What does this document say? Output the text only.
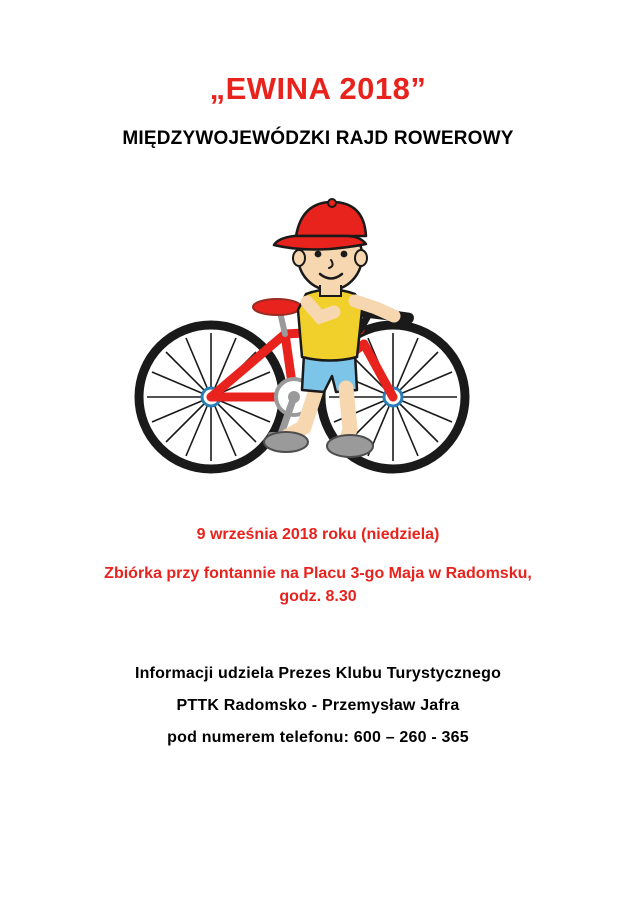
„EWINA 2018”
MIĘDZYWOJEWÓDZKI RAJD ROWEROWY
9 września 2018 roku (niedziela)
Zbiórka przy fontannie na Placu 3-go Maja w Radomsku, godz. 8.30
Informacji udziela Prezes Klubu Turystycznego
PTTK Radomsko - Przemysław Jafra
pod numerem telefonu: 600 – 260 - 365
